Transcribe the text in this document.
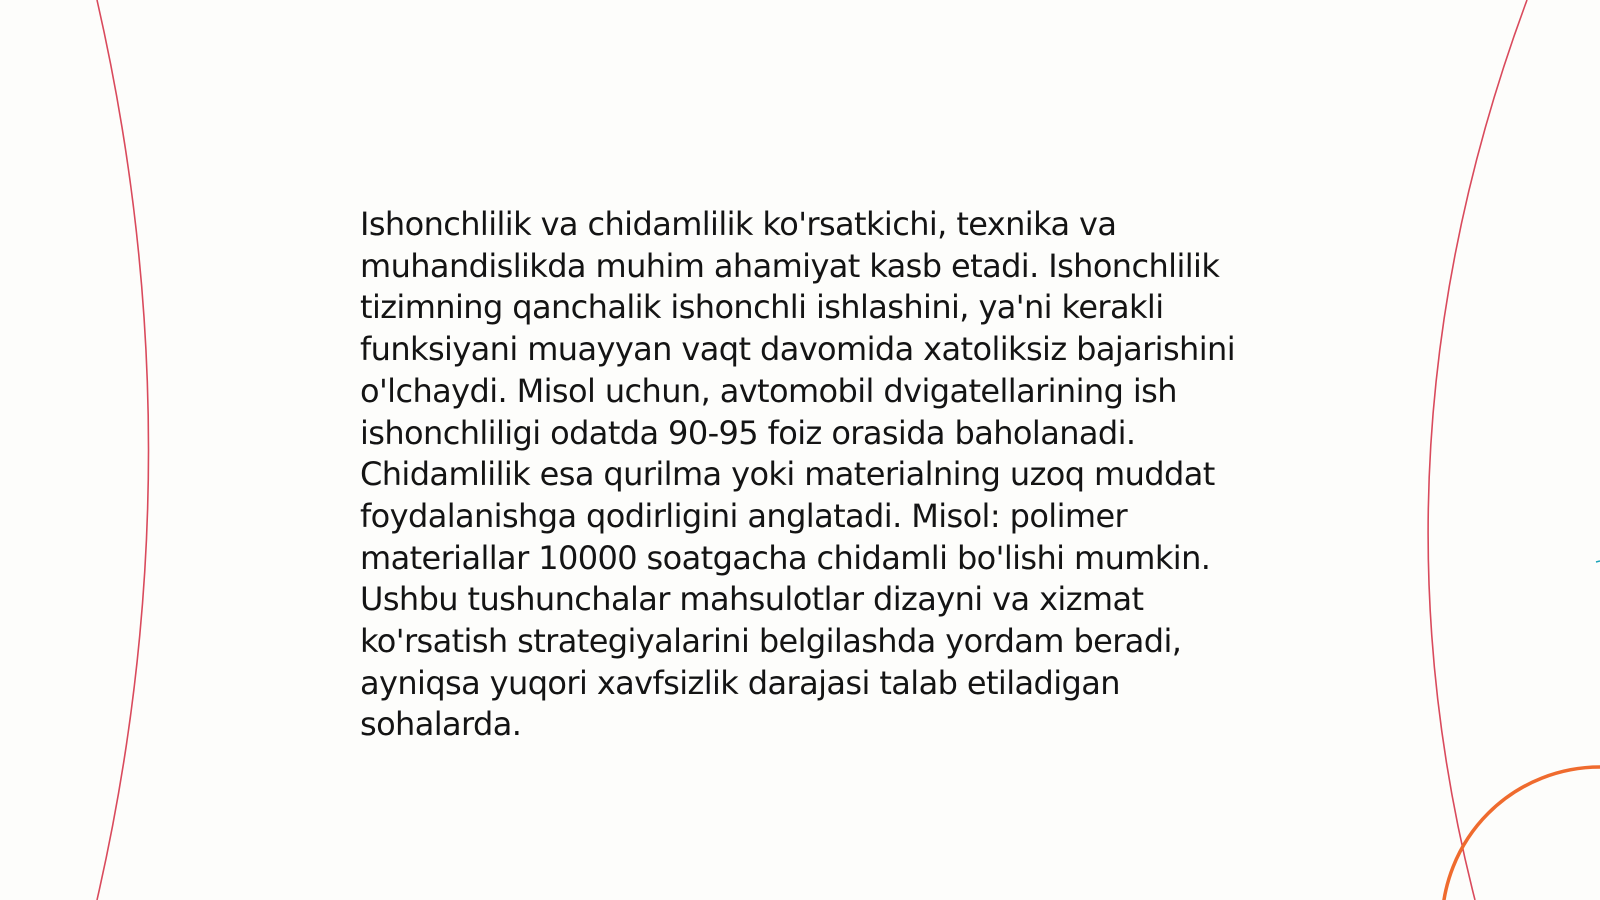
Ishonchlilik va chidamlilik ko'rsatkichi, texnika va muhandislikda muhim ahamiyat kasb etadi. Ishonchlilik tizimning qanchalik ishonchli ishlashini, ya'ni kerakli funksiyani muayyan vaqt davomida xatoliksiz bajarishini o'lchaydi. Misol uchun, avtomobil dvigatellarining ish ishonchliligi odatda 90-95 foiz orasida baholanadi. Chidamlilik esa qurilma yoki materialning uzoq muddat foydalanishga qodirligini anglatadi. Misol: polimer materiallar 10000 soatgacha chidamli bo'lishi mumkin. Ushbu tushunchalar mahsulotlar dizayni va xizmat ko'rsatish strategiyalarini belgilashda yordam beradi, ayniqsa yuqori xavfsizlik darajasi talab etiladigan sohalarda.
